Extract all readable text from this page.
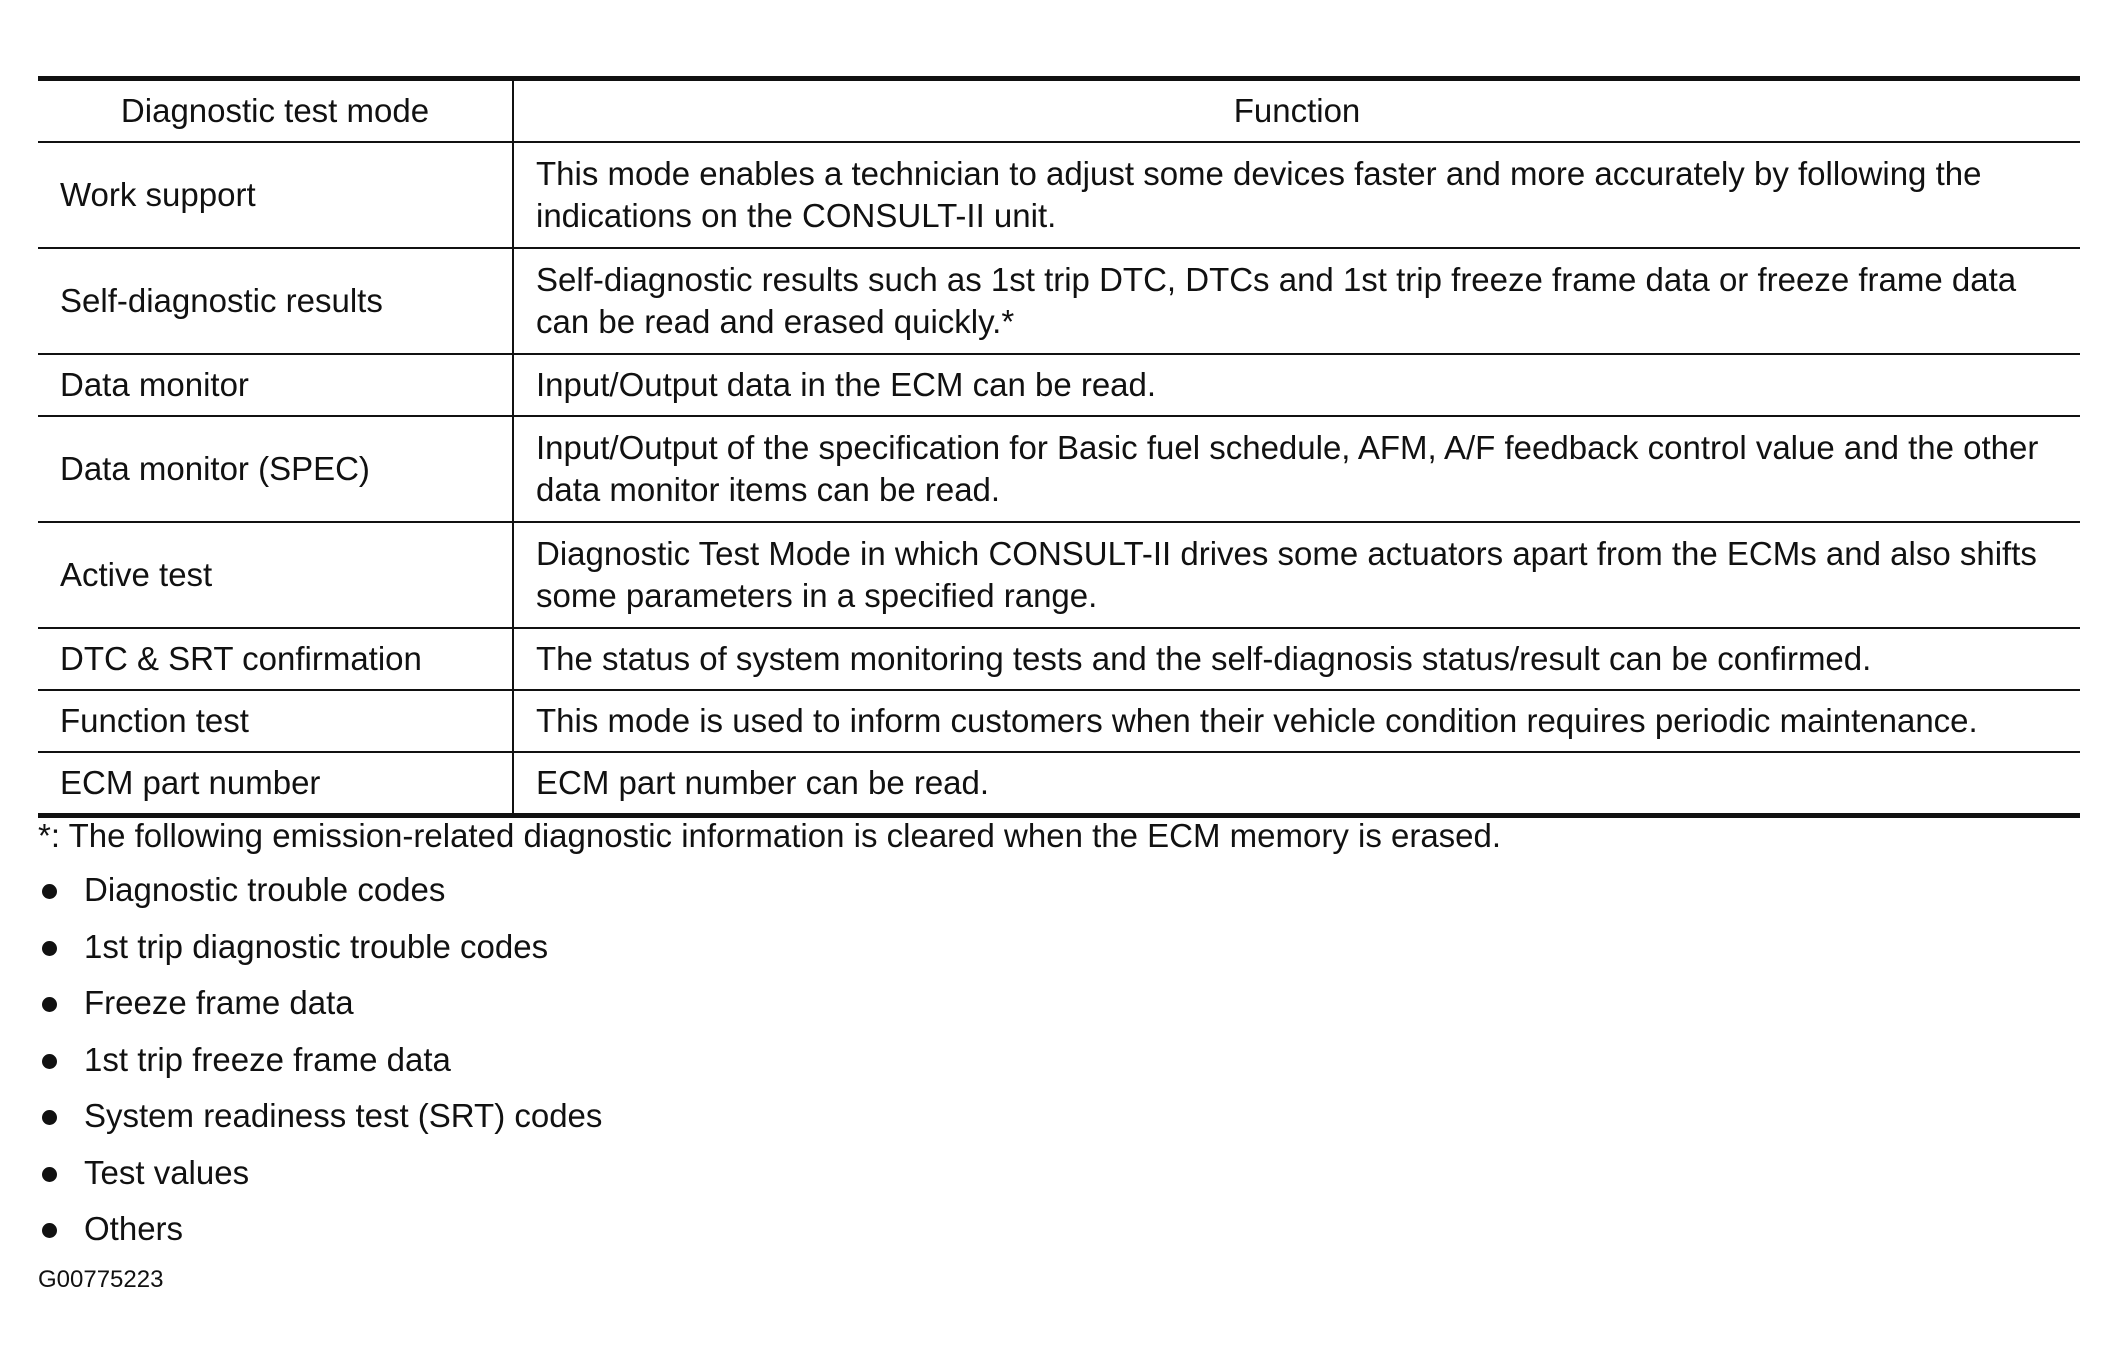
Diagnostic test mode	Function
Work support	This mode enables a technician to adjust some devices faster and more accurately by following the indications on the CONSULT-II unit.
Self-diagnostic results	Self-diagnostic results such as 1st trip DTC, DTCs and 1st trip freeze frame data or freeze frame data can be read and erased quickly.*
Data monitor	Input/Output data in the ECM can be read.
Data monitor (SPEC)	Input/Output of the specification for Basic fuel schedule, AFM, A/F feedback control value and the other data monitor items can be read.
Active test	Diagnostic Test Mode in which CONSULT-II drives some actuators apart from the ECMs and also shifts some parameters in a specified range.
DTC & SRT confirmation	The status of system monitoring tests and the self-diagnosis status/result can be confirmed.
Function test	This mode is used to inform customers when their vehicle condition requires periodic maintenance.
ECM part number	ECM part number can be read.
*: The following emission-related diagnostic information is cleared when the ECM memory is erased.
Diagnostic trouble codes
1st trip diagnostic trouble codes
Freeze frame data
1st trip freeze frame data
System readiness test (SRT) codes
Test values
Others
G00775223
